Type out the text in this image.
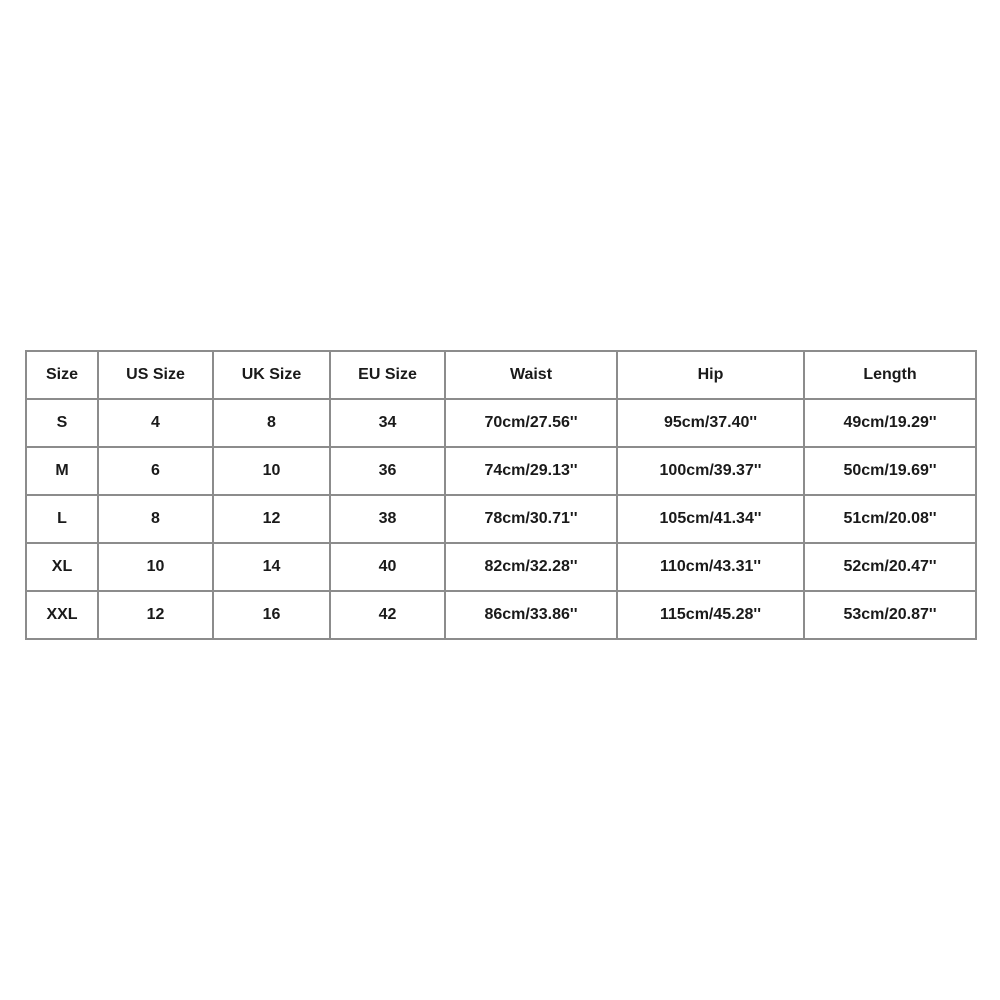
Size	US Size	UK Size	EU Size	Waist	Hip	Length
S	4	8	34	70cm/27.56''	95cm/37.40''	49cm/19.29''
M	6	10	36	74cm/29.13''	100cm/39.37''	50cm/19.69''
L	8	12	38	78cm/30.71''	105cm/41.34''	51cm/20.08''
XL	10	14	40	82cm/32.28''	110cm/43.31''	52cm/20.47''
XXL	12	16	42	86cm/33.86''	115cm/45.28''	53cm/20.87''
